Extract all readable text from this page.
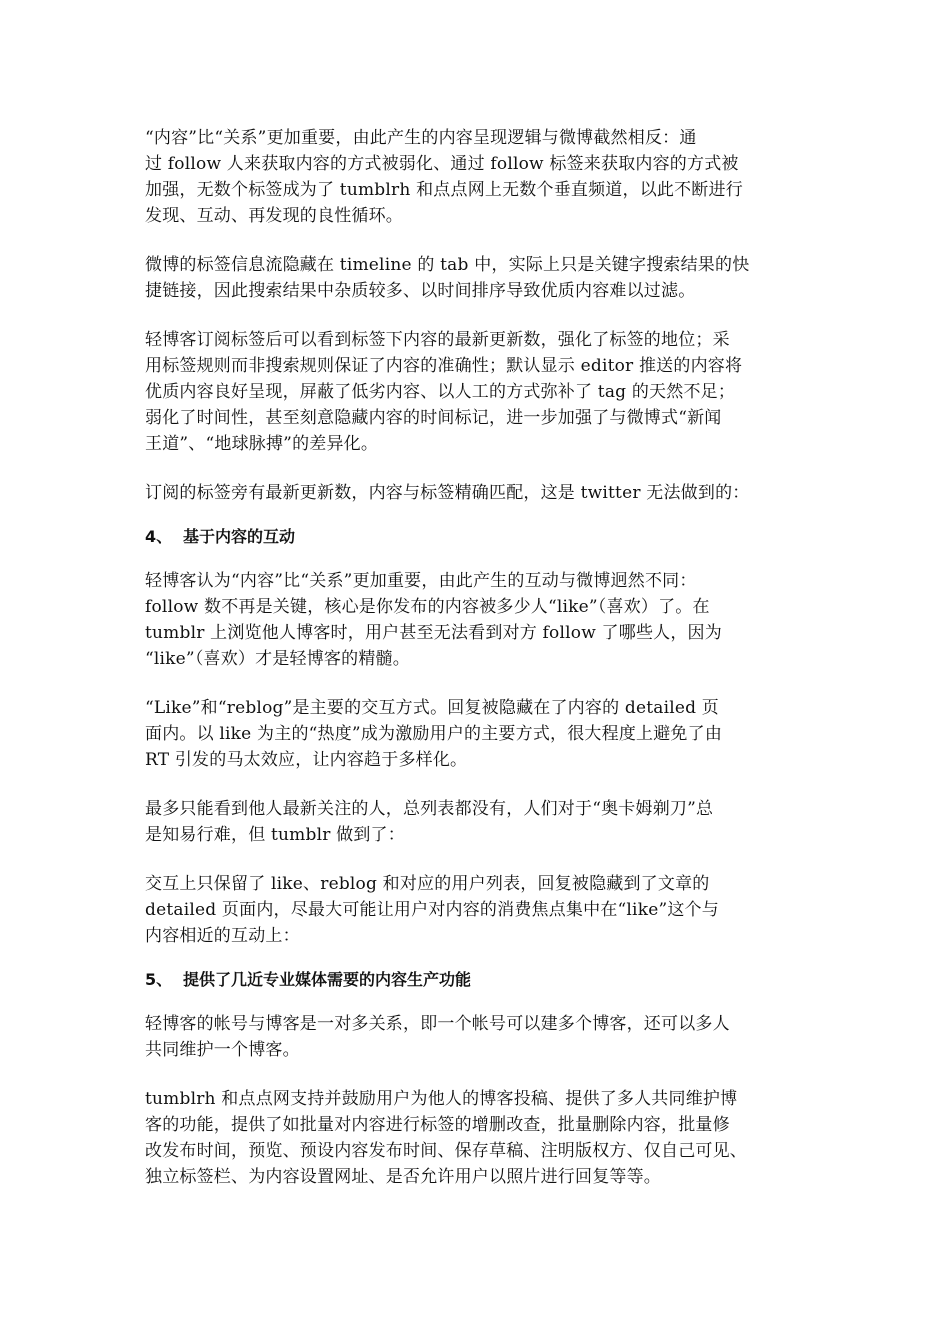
“内容”比“关系”更加重要，由此产生的内容呈现逻辑与微博截然相反：通
过 follow 人来获取内容的方式被弱化、通过 follow 标签来获取内容的方式被
加强，无数个标签成为了 tumblrh 和点点网上无数个垂直频道，以此不断进行
发现、互动、再发现的良性循环。

微博的标签信息流隐藏在 timeline 的 tab 中，实际上只是关键字搜索结果的快
捷链接，因此搜索结果中杂质较多、以时间排序导致优质内容难以过滤。

轻博客订阅标签后可以看到标签下内容的最新更新数，强化了标签的地位；采
用标签规则而非搜索规则保证了内容的准确性；默认显示 editor 推送的内容将
优质内容良好呈现，屏蔽了低劣内容、以人工的方式弥补了 tag 的天然不足；
弱化了时间性，甚至刻意隐藏内容的时间标记，进一步加强了与微博式“新闻
王道”、“地球脉搏”的差异化。

订阅的标签旁有最新更新数，内容与标签精确匹配，这是 twitter 无法做到的：

4、 基于内容的互动

轻博客认为“内容”比“关系”更加重要，由此产生的互动与微博迥然不同：
follow 数不再是关键，核心是你发布的内容被多少人“like”（喜欢）了。在
tumblr 上浏览他人博客时，用户甚至无法看到对方 follow 了哪些人，因为
“like”（喜欢）才是轻博客的精髓。

“Like”和“reblog”是主要的交互方式。回复被隐藏在了内容的 detailed 页
面内。以 like 为主的“热度”成为激励用户的主要方式，很大程度上避免了由
RT 引发的马太效应，让内容趋于多样化。

最多只能看到他人最新关注的人，总列表都没有，人们对于“奥卡姆剃刀”总
是知易行难，但 tumblr 做到了：

交互上只保留了 like、reblog 和对应的用户列表，回复被隐藏到了文章的
detailed 页面内，尽最大可能让用户对内容的消费焦点集中在“like”这个与
内容相近的互动上：

5、 提供了几近专业媒体需要的内容生产功能

轻博客的帐号与博客是一对多关系，即一个帐号可以建多个博客，还可以多人
共同维护一个博客。

tumblrh 和点点网支持并鼓励用户为他人的博客投稿、提供了多人共同维护博
客的功能，提供了如批量对内容进行标签的增删改查，批量删除内容，批量修
改发布时间，预览、预设内容发布时间、保存草稿、注明版权方、仅自己可见、
独立标签栏、为内容设置网址、是否允许用户以照片进行回复等等。
